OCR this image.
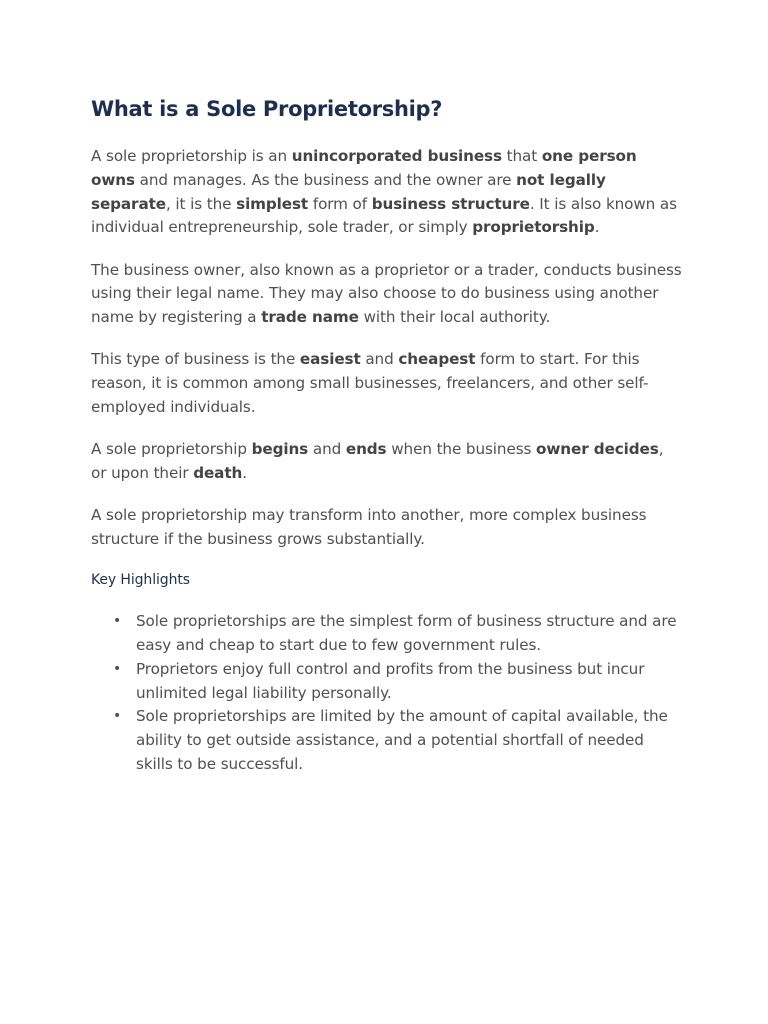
What is a Sole Proprietorship?

A sole proprietorship is an unincorporated business that one person owns and manages. As the business and the owner are not legally separate, it is the simplest form of business structure. It is also known as individual entrepreneurship, sole trader, or simply proprietorship.

The business owner, also known as a proprietor or a trader, conducts business using their legal name. They may also choose to do business using another name by registering a trade name with their local authority.

This type of business is the easiest and cheapest form to start. For this reason, it is common among small businesses, freelancers, and other self-employed individuals.

A sole proprietorship begins and ends when the business owner decides, or upon their death.

A sole proprietorship may transform into another, more complex business structure if the business grows substantially.

Key Highlights
• Sole proprietorships are the simplest form of business structure and are easy and cheap to start due to few government rules.
• Proprietors enjoy full control and profits from the business but incur unlimited legal liability personally.
• Sole proprietorships are limited by the amount of capital available, the ability to get outside assistance, and a potential shortfall of needed skills to be successful.
